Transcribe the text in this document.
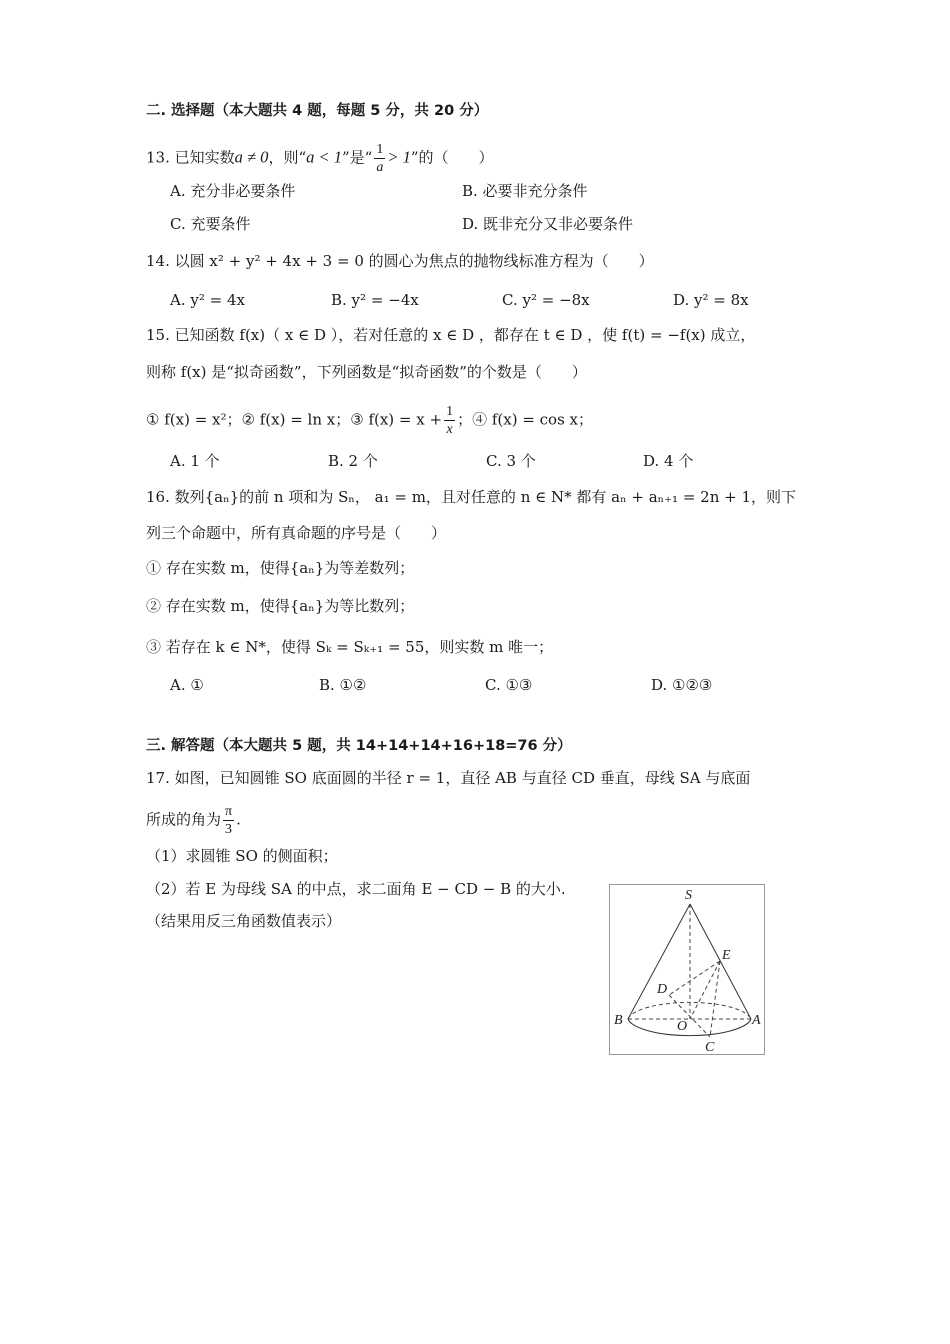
二. 选择题（本大题共 4 题，每题 5 分，共 20 分）
13. 已知实数a ≠ 0，则“a < 1”是“ $\frac{1}{a} > 1$”的（　　）
A. 充分非必要条件	B. 必要非充分条件
C. 充要条件	D. 既非充分又非必要条件
14. 以圆 x² + y² + 4x + 3 = 0 的圆心为焦点的抛物线标准方程为（　　）
A. y² = 4x	B. y² = −4x	C. y² = −8x	D. y² = 8x
15. 已知函数 f(x)（ x ∈ D ），若对任意的 x ∈ D ，都存在 t ∈ D ，使 f(t) = −f(x) 成立，
则称 f(x) 是“拟奇函数”，下列函数是“拟奇函数”的个数是（　　）
① f(x) = x²；② f(x) = ln x；③ $f(x) = x + \frac{1}{x}$ ；④ f(x) = cos x；
A. 1 个	B. 2 个	C. 3 个	D. 4 个
16. 数列{aₙ}的前 n 项和为 Sₙ， a₁ = m，且对任意的 n ∈ N* 都有 aₙ + aₙ₊₁ = 2n + 1，则下
列三个命题中，所有真命题的序号是（　　）
① 存在实数 m，使得{aₙ}为等差数列；
② 存在实数 m，使得{aₙ}为等比数列；
③ 若存在 k ∈ N*，使得 Sₖ = Sₖ₊₁ = 55，则实数 m 唯一；
A. ①	B. ①②	C. ①③	D. ①②③
三. 解答题（本大题共 5 题，共 14+14+14+16+18=76 分）
17. 如图，已知圆锥 SO 底面圆的半径 r = 1，直径 AB 与直径 CD 垂直，母线 SA 与底面
所成的角为 $\frac{\pi}{3}$ .
（1）求圆锥 SO 的侧面积；
（2）若 E 为母线 SA 的中点，求二面角 E − CD − B 的大小.
（结果用反三角函数值表示）
S
E
D
B	O	A
C
